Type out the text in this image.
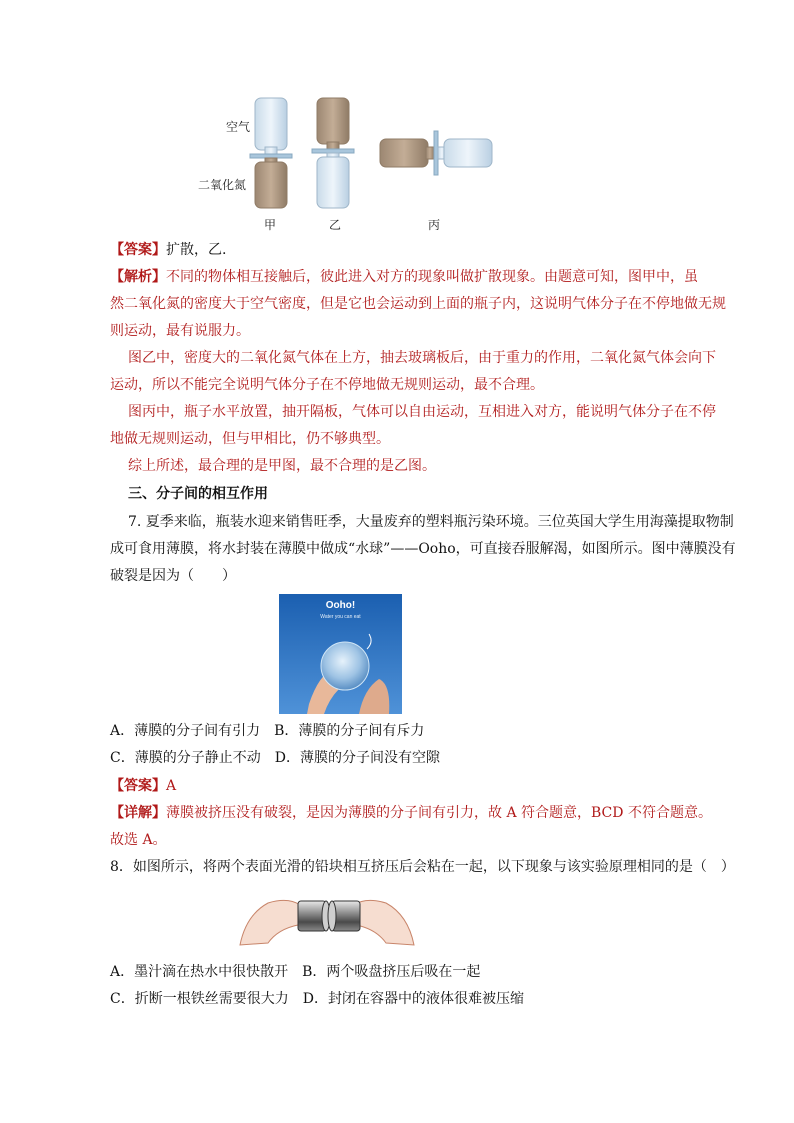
空气
二氧化氮
甲	乙	丙
【答案】扩散，乙.
【解析】不同的物体相互接触后，彼此进入对方的现象叫做扩散现象。由题意可知，图甲中，虽
然二氧化氮的密度大于空气密度，但是它也会运动到上面的瓶子内，这说明气体分子在不停地做无规
则运动，最有说服力。
图乙中，密度大的二氧化氮气体在上方，抽去玻璃板后，由于重力的作用，二氧化氮气体会向下
运动，所以不能完全说明气体分子在不停地做无规则运动，最不合理。
图丙中，瓶子水平放置，抽开隔板，气体可以自由运动，互相进入对方，能说明气体分子在不停
地做无规则运动，但与甲相比，仍不够典型。
综上所述，最合理的是甲图，最不合理的是乙图。
三、分子间的相互作用
7. 夏季来临，瓶装水迎来销售旺季，大量废弃的塑料瓶污染环境。三位英国大学生用海藻提取物制
成可食用薄膜，将水封装在薄膜中做成“水球”——Ooho，可直接吞服解渴，如图所示。图中薄膜没有
破裂是因为（　　）
Ooho!
Water you can eat
A．薄膜的分子间有引力 B．薄膜的分子间有斥力
C．薄膜的分子静止不动 D．薄膜的分子间没有空隙
【答案】A
【详解】薄膜被挤压没有破裂，是因为薄膜的分子间有引力，故 A 符合题意，BCD 不符合题意。
故选 A。
8．如图所示，将两个表面光滑的铅块相互挤压后会粘在一起，以下现象与该实验原理相同的是（　）
A．墨汁滴在热水中很快散开 B．两个吸盘挤压后吸在一起
C．折断一根铁丝需要很大力 D．封闭在容器中的液体很难被压缩
